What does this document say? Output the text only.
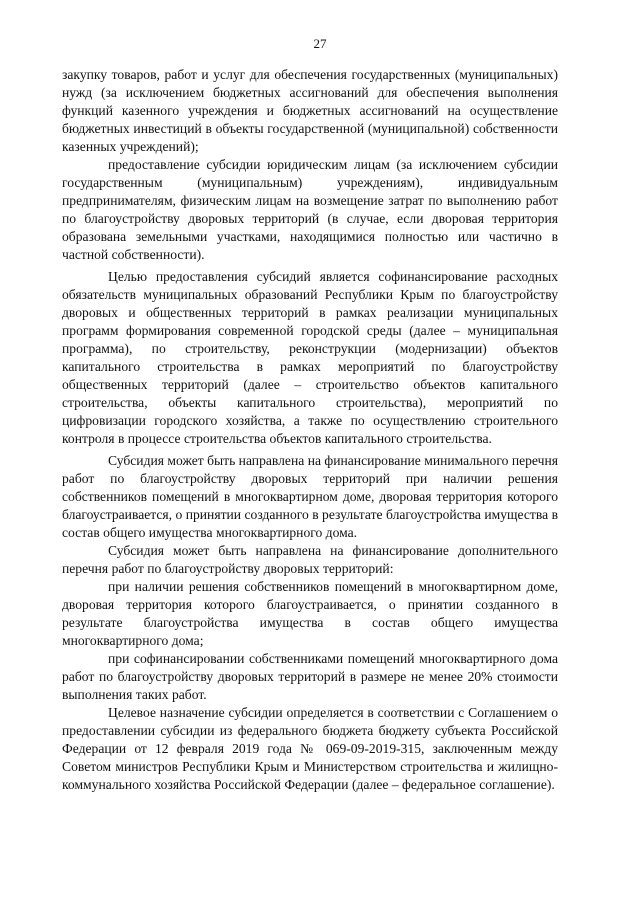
27

закупку товаров, работ и услуг для обеспечения государственных (муниципальных) нужд (за исключением бюджетных ассигнований для обеспечения выполнения функций казенного учреждения и бюджетных ассигнований на осуществление бюджетных инвестиций в объекты государственной (муниципальной) собственности казенных учреждений);

предоставление субсидии юридическим лицам (за исключением субсидии государственным (муниципальным) учреждениям), индивидуальным предпринимателям, физическим лицам на возмещение затрат по выполнению работ по благоустройству дворовых территорий (в случае, если дворовая территория образована земельными участками, находящимися полностью или частично в частной собственности).

Целью предоставления субсидий является софинансирование расходных обязательств муниципальных образований Республики Крым по благоустройству дворовых и общественных территорий в рамках реализации муниципальных программ формирования современной городской среды (далее – муниципальная программа), по строительству, реконструкции (модернизации) объектов капитального строительства в рамках мероприятий по благоустройству общественных территорий (далее – строительство объектов капитального строительства, объекты капитального строительства), мероприятий по цифровизации городского хозяйства, а также по осуществлению строительного контроля в процессе строительства объектов капитального строительства.

Субсидия может быть направлена на финансирование минимального перечня работ по благоустройству дворовых территорий при наличии решения собственников помещений в многоквартирном доме, дворовая территория которого благоустраивается, о принятии созданного в результате благоустройства имущества в состав общего имущества многоквартирного дома.

Субсидия может быть направлена на финансирование дополнительного перечня работ по благоустройству дворовых территорий:

при наличии решения собственников помещений в многоквартирном доме, дворовая территория которого благоустраивается, о принятии созданного в результате благоустройства имущества в состав общего имущества многоквартирного дома;

при софинансировании собственниками помещений многоквартирного дома работ по благоустройству дворовых территорий в размере не менее 20% стоимости выполнения таких работ.

Целевое назначение субсидии определяется в соответствии с Соглашением о предоставлении субсидии из федерального бюджета бюджету субъекта Российской Федерации от 12 февраля 2019 года № 069-09-2019-315, заключенным между Советом министров Республики Крым и Министерством строительства и жилищно-коммунального хозяйства Российской Федерации (далее – федеральное соглашение).
